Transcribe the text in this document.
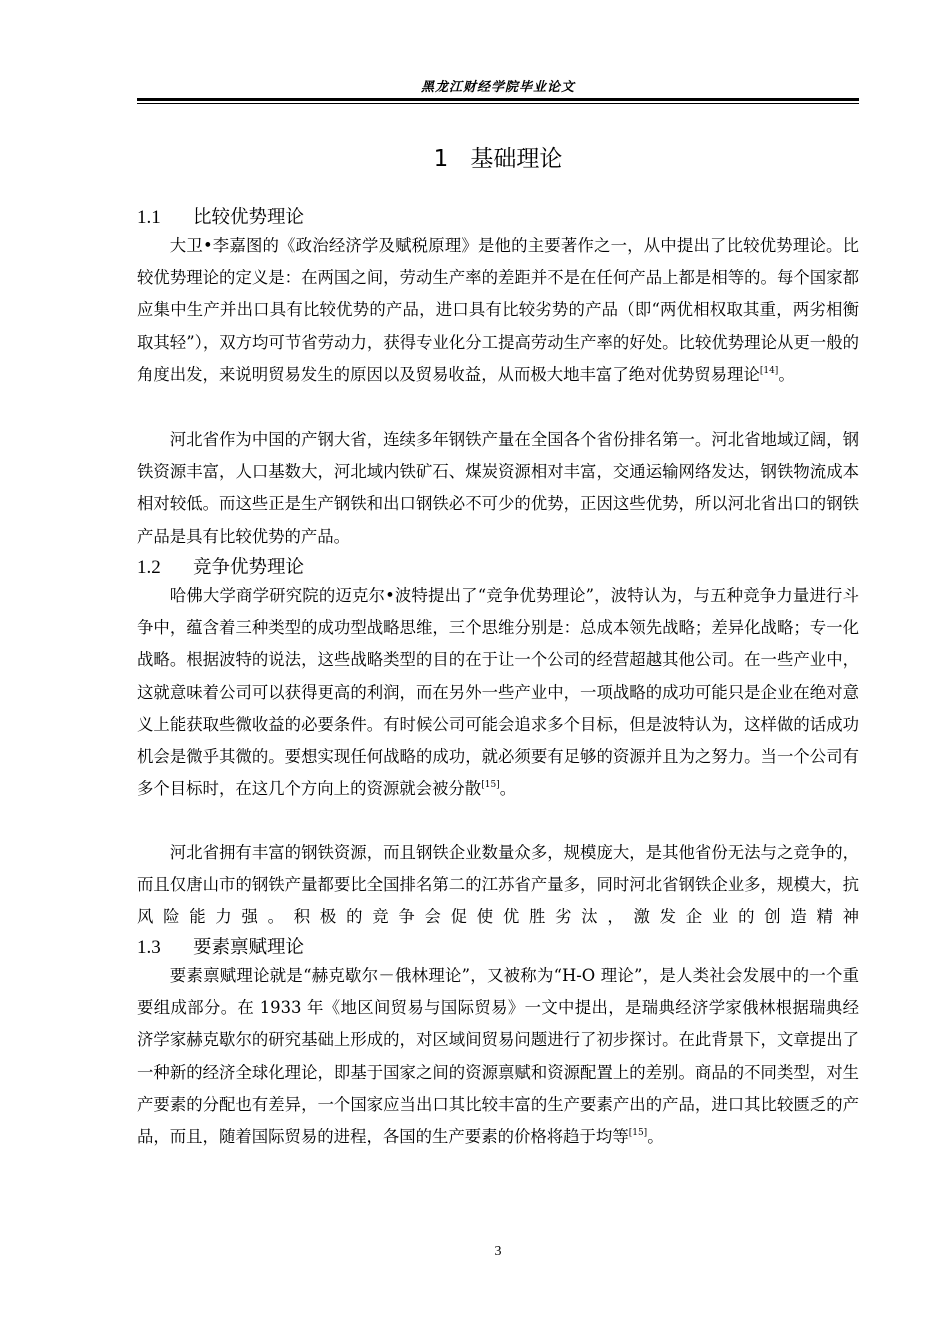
黑龙江财经学院毕业论文
1 基础理论
1.1 比较优势理论

大卫•李嘉图的《政治经济学及赋税原理》是他的主要著作之一，从中提出了比较优势理论。比较优势理论的定义是：在两国之间，劳动生产率的差距并不是在任何产品上都是相等的。每个国家都应集中生产并出口具有比较优势的产品，进口具有比较劣势的产品（即“两优相权取其重，两劣相衡取其轻”），双方均可节省劳动力，获得专业化分工提高劳动生产率的好处。比较优势理论从更一般的角度出发，来说明贸易发生的原因以及贸易收益，从而极大地丰富了绝对优势贸易理论[14]。

河北省作为中国的产钢大省，连续多年钢铁产量在全国各个省份排名第一。河北省地域辽阔，钢铁资源丰富，人口基数大，河北域内铁矿石、煤炭资源相对丰富，交通运输网络发达，钢铁物流成本相对较低。而这些正是生产钢铁和出口钢铁必不可少的优势，正因这些优势，所以河北省出口的钢铁产品是具有比较优势的产品。

1.2 竞争优势理论

哈佛大学商学研究院的迈克尔•波特提出了“竞争优势理论”，波特认为，与五种竞争力量进行斗争中，蕴含着三种类型的成功型战略思维，三个思维分别是：总成本领先战略；差异化战略；专一化战略。根据波特的说法，这些战略类型的目的在于让一个公司的经营超越其他公司。在一些产业中，这就意味着公司可以获得更高的利润，而在另外一些产业中，一项战略的成功可能只是企业在绝对意义上能获取些微收益的必要条件。有时候公司可能会追求多个目标，但是波特认为，这样做的话成功机会是微乎其微的。要想实现任何战略的成功，就必须要有足够的资源并且为之努力。当一个公司有多个目标时，在这几个方向上的资源就会被分散[15]。

河北省拥有丰富的钢铁资源，而且钢铁企业数量众多，规模庞大，是其他省份无法与之竞争的，而且仅唐山市的钢铁产量都要比全国排名第二的江苏省产量多，同时河北省钢铁企业多，规模大，抗风险能力强。积极的竞争会促使优胜劣汰，激发企业的创造精神

1.3 要素禀赋理论

要素禀赋理论就是“赫克歇尔－俄林理论”，又被称为“H-O 理论”，是人类社会发展中的一个重要组成部分。在 1933 年《地区间贸易与国际贸易》一文中提出，是瑞典经济学家俄林根据瑞典经济学家赫克歇尔的研究基础上形成的，对区域间贸易问题进行了初步探讨。在此背景下，文章提出了一种新的经济全球化理论，即基于国家之间的资源禀赋和资源配置上的差别。商品的不同类型，对生产要素的分配也有差异，一个国家应当出口其比较丰富的生产要素产出的产品，进口其比较匮乏的产品，而且，随着国际贸易的进程，各国的生产要素的价格将趋于均等[15]。

3
